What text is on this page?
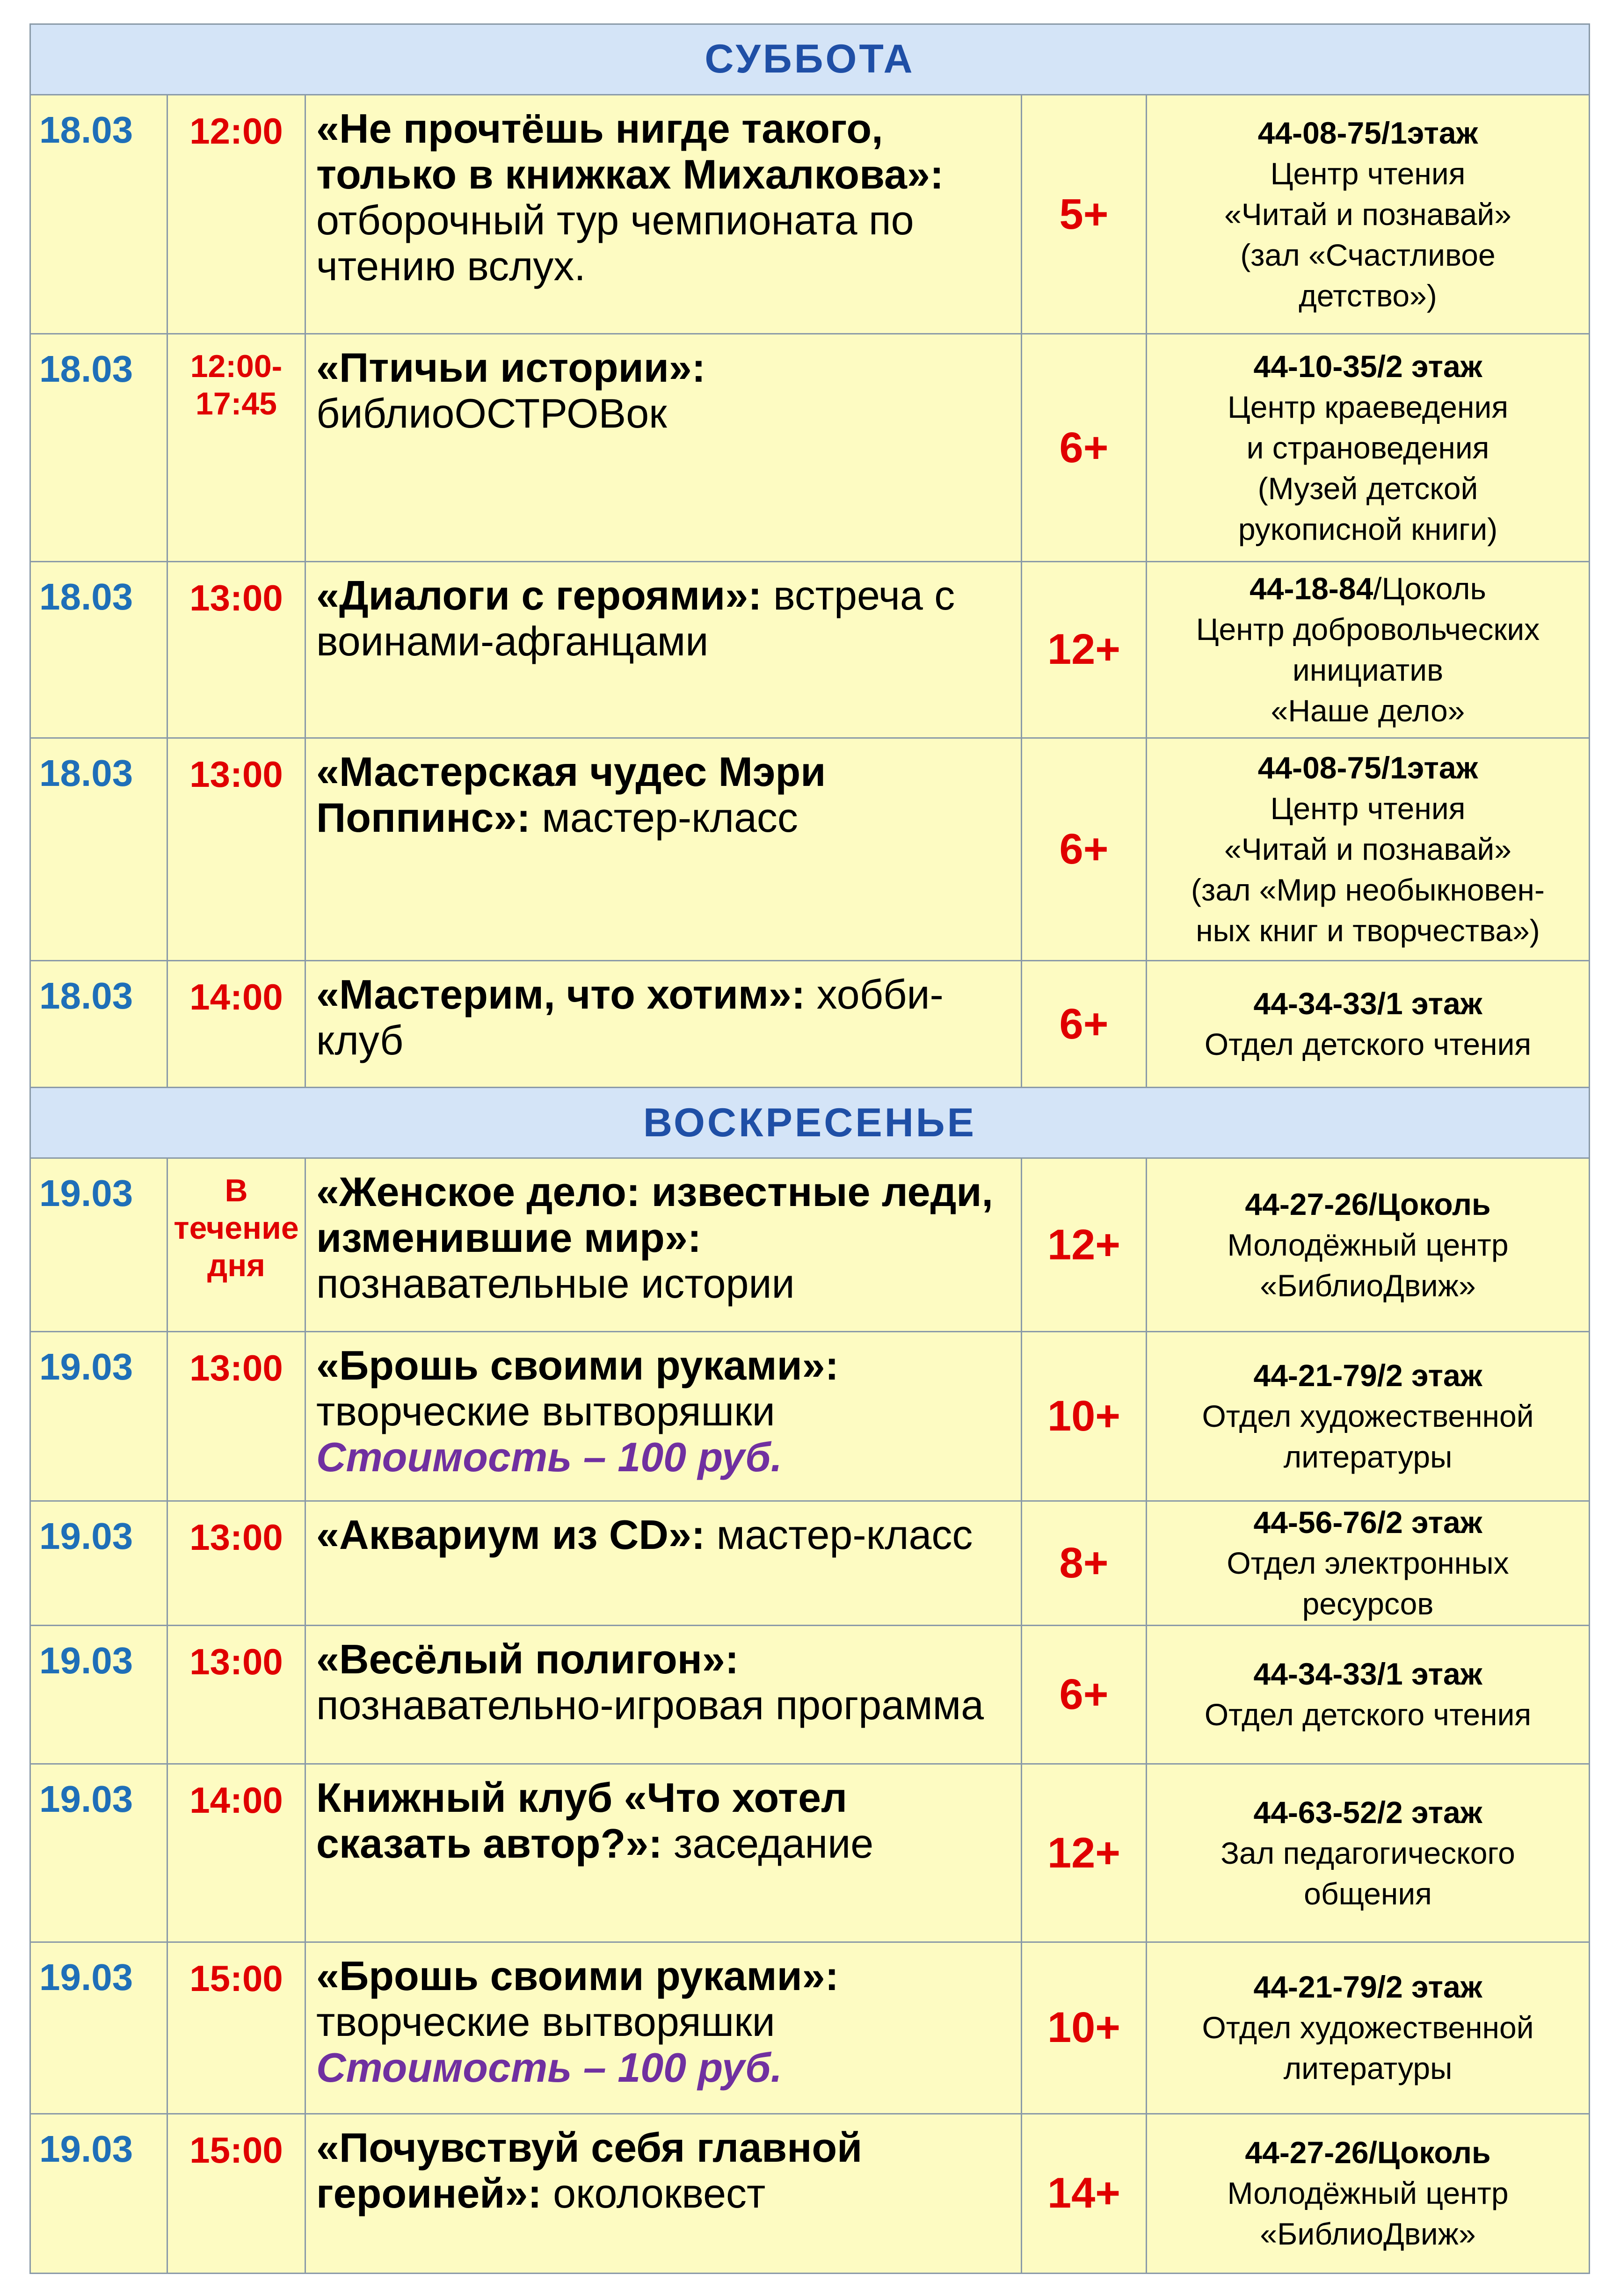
СУББОТА				
18.03	12:00	«Не прочтёшь нигде такого, только в книжках Михалкова»: отборочный тур чемпионата по чтению вслух.	5+	44-08-75/1этаж
Центр чтения
«Читай и познавай»
(зал «Счастливое
детство»)

18.03	12:00-17:45	«Птичьи истории»: библиоОСТРОВок	6+	44-10-35/2 этаж
Центр краеведения
и страноведения
(Музей детской
рукописной книги)

18.03	13:00	«Диалоги с героями»: встреча с воинами-афганцами	12+	44-18-84/Цоколь
Центр добровольческих
инициатив
«Наше дело»

18.03	13:00	«Мастерская чудес Мэри Поппинс»: мастер-класс	6+	44-08-75/1этаж
Центр чтения
«Читай и познавай»
(зал «Мир необыкновен-
ных книг и творчества»)

18.03	14:00	«Мастерим, что хотим»: хобби-клуб	6+	44-34-33/1 этаж
Отдел детского чтения

ВОСКРЕСЕНЬЕ				
19.03	В течение дня	«Женское дело: известные леди, изменившие мир»: познавательные истории	12+	44-27-26/Цоколь
Молодёжный центр
«БиблиоДвиж»

19.03	13:00	«Брошь своими руками»: творческие вытворяшки
Стоимость – 100 руб.	10+	44-21-79/2 этаж
Отдел художественной
литературы

19.03	13:00	«Аквариум из CD»: мастер-класс	8+	44-56-76/2 этаж
Отдел электронных
ресурсов

19.03	13:00	«Весёлый полигон»: познавательно-игровая программа	6+	44-34-33/1 этаж
Отдел детского чтения

19.03	14:00	Книжный клуб «Что хотел сказать автор?»: заседание	12+	44-63-52/2 этаж
Зал педагогического
общения

19.03	15:00	«Брошь своими руками»: творческие вытворяшки
Стоимость – 100 руб.	10+	44-21-79/2 этаж
Отдел художественной
литературы

19.03	15:00	«Почувствуй себя главной героиней»: околоквест	14+	44-27-26/Цоколь
Молодёжный центр
«БиблиоДвиж»
